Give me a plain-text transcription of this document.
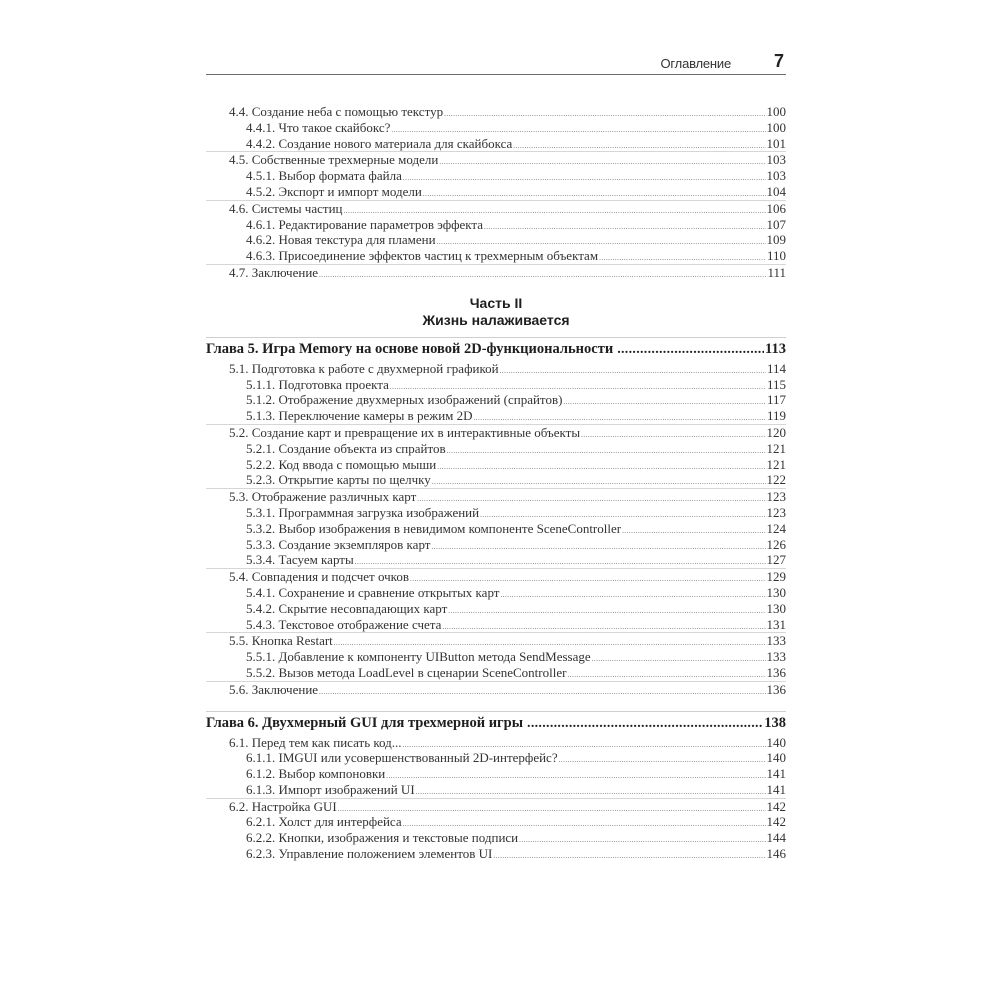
Оглавление 7
4.4. Создание неба с помощью текстур .....	100
4.4.1. Что такое скайбокс? .....	100
4.4.2. Создание нового материала для скайбокса .....	101
4.5. Собственные трехмерные модели .....	103
4.5.1. Выбор формата файла .....	103
4.5.2. Экспорт и импорт модели .....	104
4.6. Системы частиц .....	106
4.6.1. Редактирование параметров эффекта .....	107
4.6.2. Новая текстура для пламени .....	109
4.6.3. Присоединение эффектов частиц к трехмерным объектам .....	110
4.7. Заключение .....	111
Часть II
Жизнь налаживается
Глава 5. Игра Memory на основе новой 2D-функциональности .....	113
5.1. Подготовка к работе с двухмерной графикой .....	114
5.1.1. Подготовка проекта .....	115
5.1.2. Отображение двухмерных изображений (спрайтов) .....	117
5.1.3. Переключение камеры в режим 2D .....	119
5.2. Создание карт и превращение их в интерактивные объекты .....	120
5.2.1. Создание объекта из спрайтов .....	121
5.2.2. Код ввода с помощью мыши .....	121
5.2.3. Открытие карты по щелчку .....	122
5.3. Отображение различных карт .....	123
5.3.1. Программная загрузка изображений .....	123
5.3.2. Выбор изображения в невидимом компоненте SceneController .....	124
5.3.3. Создание экземпляров карт .....	126
5.3.4. Тасуем карты .....	127
5.4. Совпадения и подсчет очков .....	129
5.4.1. Сохранение и сравнение открытых карт .....	130
5.4.2. Скрытие несовпадающих карт .....	130
5.4.3. Текстовое отображение счета .....	131
5.5. Кнопка Restart .....	133
5.5.1. Добавление к компоненту UIButton метода SendMessage .....	133
5.5.2. Вызов метода LoadLevel в сценарии SceneController .....	136
5.6. Заключение .....	136
Глава 6. Двухмерный GUI для трехмерной игры .....	138
6.1. Перед тем как писать код... .....	140
6.1.1. IMGUI или усовершенствованный 2D-интерфейс? .....	140
6.1.2. Выбор компоновки .....	141
6.1.3. Импорт изображений UI .....	141
6.2. Настройка GUI .....	142
6.2.1. Холст для интерфейса .....	142
6.2.2. Кнопки, изображения и текстовые подписи .....	144
6.2.3. Управление положением элементов UI .....	146
